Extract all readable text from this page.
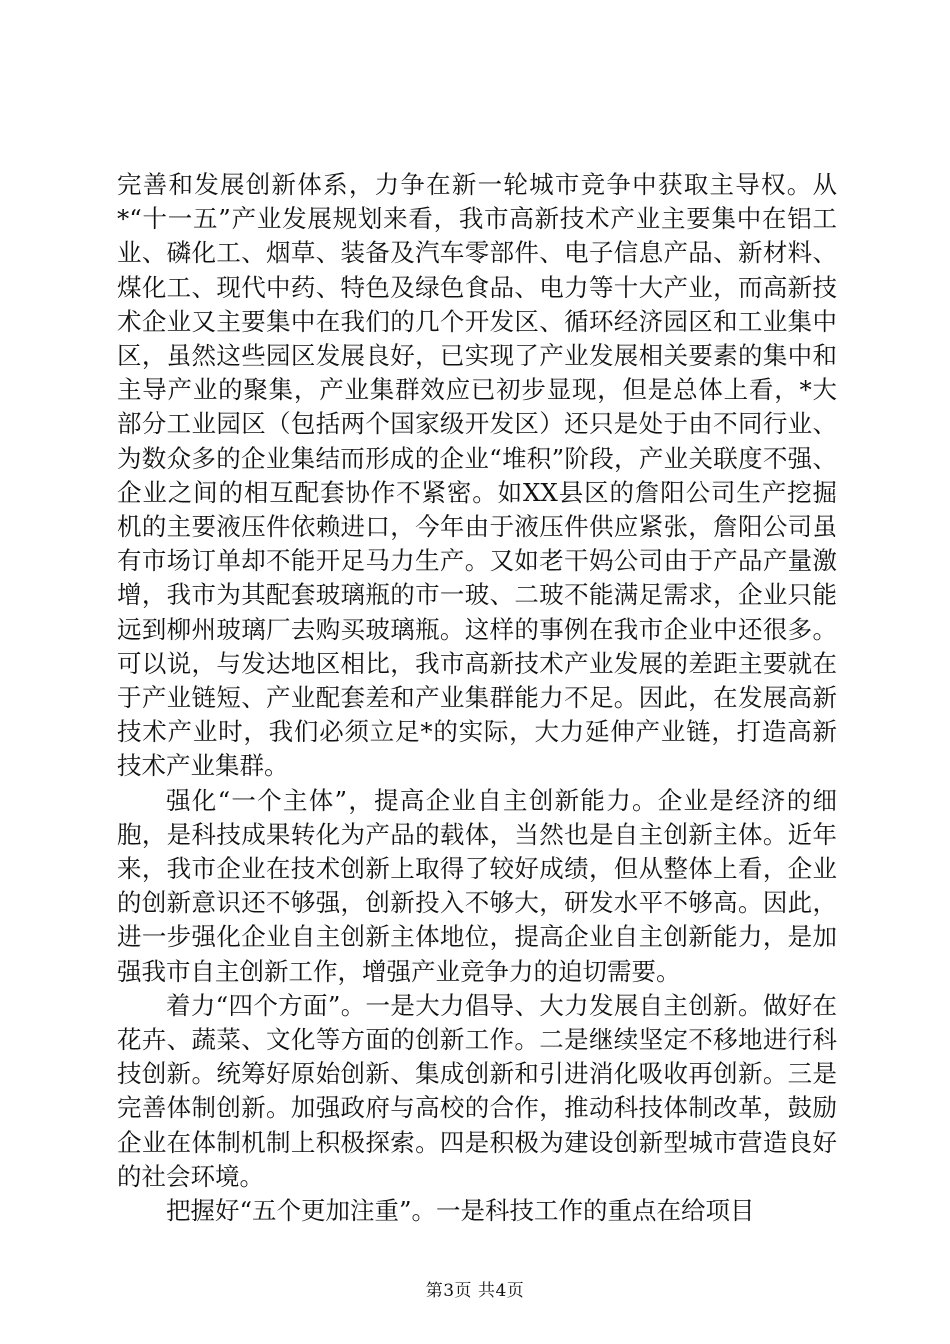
完善和发展创新体系，力争在新一轮城市竞争中获取主导权。从*“十一五”产业发展规划来看，我市高新技术产业主要集中在铝工业、磷化工、烟草、装备及汽车零部件、电子信息产品、新材料、煤化工、现代中药、特色及绿色食品、电力等十大产业，而高新技术企业又主要集中在我们的几个开发区、循环经济园区和工业集中区，虽然这些园区发展良好，已实现了产业发展相关要素的集中和主导产业的聚集，产业集群效应已初步显现，但是总体上看，*大部分工业园区（包括两个国家级开发区）还只是处于由不同行业、为数众多的企业集结而形成的企业“堆积”阶段，产业关联度不强、企业之间的相互配套协作不紧密。如XX县区的詹阳公司生产挖掘机的主要液压件依赖进口，今年由于液压件供应紧张，詹阳公司虽有市场订单却不能开足马力生产。又如老干妈公司由于产品产量激增，我市为其配套玻璃瓶的市一玻、二玻不能满足需求，企业只能远到柳州玻璃厂去购买玻璃瓶。这样的事例在我市企业中还很多。可以说，与发达地区相比，我市高新技术产业发展的差距主要就在于产业链短、产业配套差和产业集群能力不足。因此，在发展高新技术产业时，我们必须立足*的实际，大力延伸产业链，打造高新技术产业集群。

强化“一个主体”，提高企业自主创新能力。企业是经济的细胞，是科技成果转化为产品的载体，当然也是自主创新主体。近年来，我市企业在技术创新上取得了较好成绩，但从整体上看，企业的创新意识还不够强，创新投入不够大，研发水平不够高。因此，进一步强化企业自主创新主体地位，提高企业自主创新能力，是加强我市自主创新工作，增强产业竞争力的迫切需要。

着力“四个方面”。一是大力倡导、大力发展自主创新。做好在花卉、蔬菜、文化等方面的创新工作。二是继续坚定不移地进行科技创新。统筹好原始创新、集成创新和引进消化吸收再创新。三是完善体制创新。加强政府与高校的合作，推动科技体制改革，鼓励企业在体制机制上积极探索。四是积极为建设创新型城市营造良好的社会环境。

把握好“五个更加注重”。一是科技工作的重点在给项目

第3页 共4页
